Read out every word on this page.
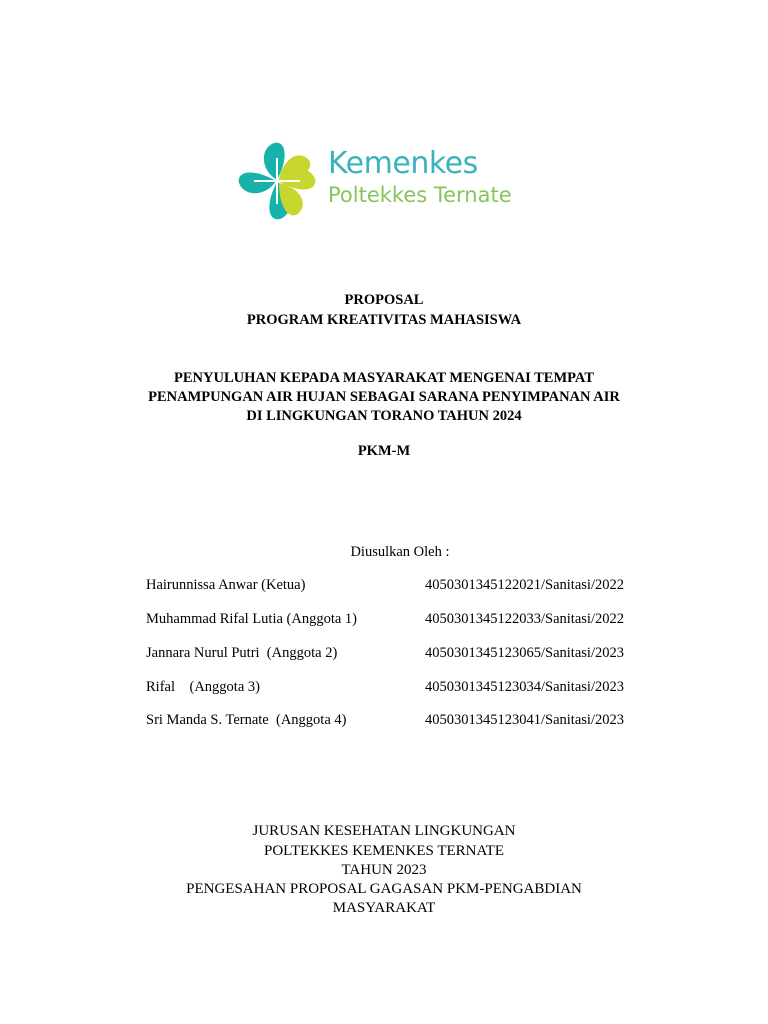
Kemenkes
Poltekkes Ternate
PROPOSAL
PROGRAM KREATIVITAS MAHASISWA
PENYULUHAN KEPADA MASYARAKAT MENGENAI TEMPAT
PENAMPUNGAN AIR HUJAN SEBAGAI SARANA PENYIMPANAN AIR
DI LINGKUNGAN TORANO TAHUN 2024
PKM-M
Diusulkan Oleh :
Hairunnissa Anwar (Ketua)	4050301345122021/Sanitasi/2022
Muhammad Rifal Lutia (Anggota 1)	4050301345122033/Sanitasi/2022
Jannara Nurul Putri  (Anggota 2)	4050301345123065/Sanitasi/2023
Rifal    (Anggota 3)	4050301345123034/Sanitasi/2023
Sri Manda S. Ternate  (Anggota 4)	4050301345123041/Sanitasi/2023
JURUSAN KESEHATAN LINGKUNGAN
POLTEKKES KEMENKES TERNATE
TAHUN 2023
PENGESAHAN PROPOSAL GAGASAN PKM-PENGABDIAN
MASYARAKAT
